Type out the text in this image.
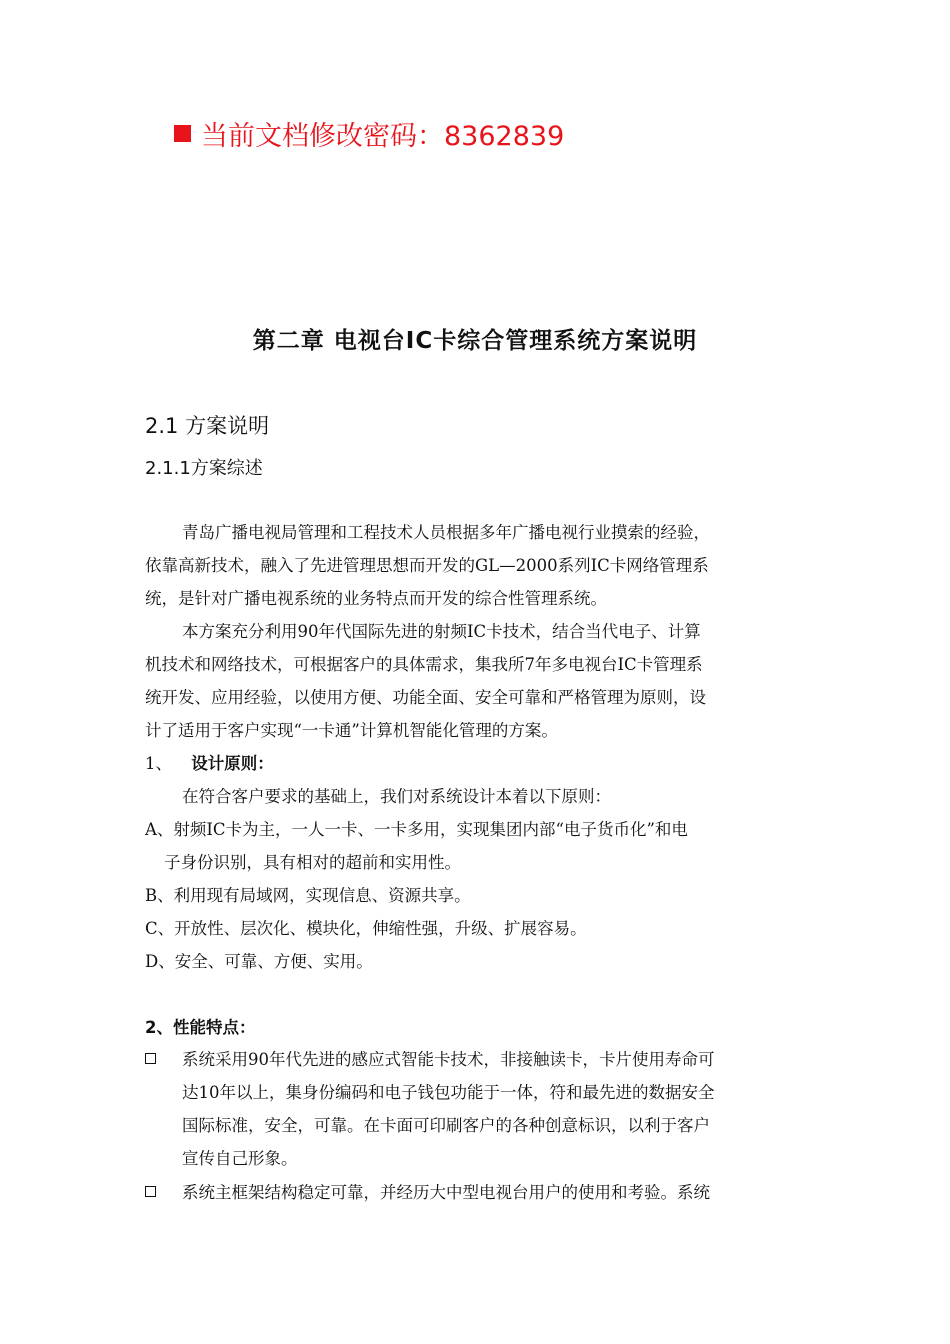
当前文档修改密码：8362839
第二章 电视台IC卡综合管理系统方案说明
2.1 方案说明
2.1.1方案综述
青岛广播电视局管理和工程技术人员根据多年广播电视行业摸索的经验，
依靠高新技术，融入了先进管理思想而开发的GL—2000系列IC卡网络管理系
统，是针对广播电视系统的业务特点而开发的综合性管理系统。
本方案充分利用90年代国际先进的射频IC卡技术，结合当代电子、计算
机技术和网络技术，可根据客户的具体需求，集我所7年多电视台IC卡管理系
统开发、应用经验，以使用方便、功能全面、安全可靠和严格管理为原则，设
计了适用于客户实现“一卡通”计算机智能化管理的方案。
1、 设计原则：
在符合客户要求的基础上，我们对系统设计本着以下原则：
A、射频IC卡为主，一人一卡、一卡多用，实现集团内部“电子货币化”和电
子身份识别，具有相对的超前和实用性。
B、利用现有局域网，实现信息、资源共享。
C、开放性、层次化、模块化，伸缩性强，升级、扩展容易。
D、安全、可靠、方便、实用。
2、性能特点：
系统采用90年代先进的感应式智能卡技术，非接触读卡，卡片使用寿命可
达10年以上，集身份编码和电子钱包功能于一体，符和最先进的数据安全
国际标准，安全，可靠。在卡面可印刷客户的各种创意标识，以利于客户
宣传自己形象。
系统主框架结构稳定可靠，并经历大中型电视台用户的使用和考验。系统
